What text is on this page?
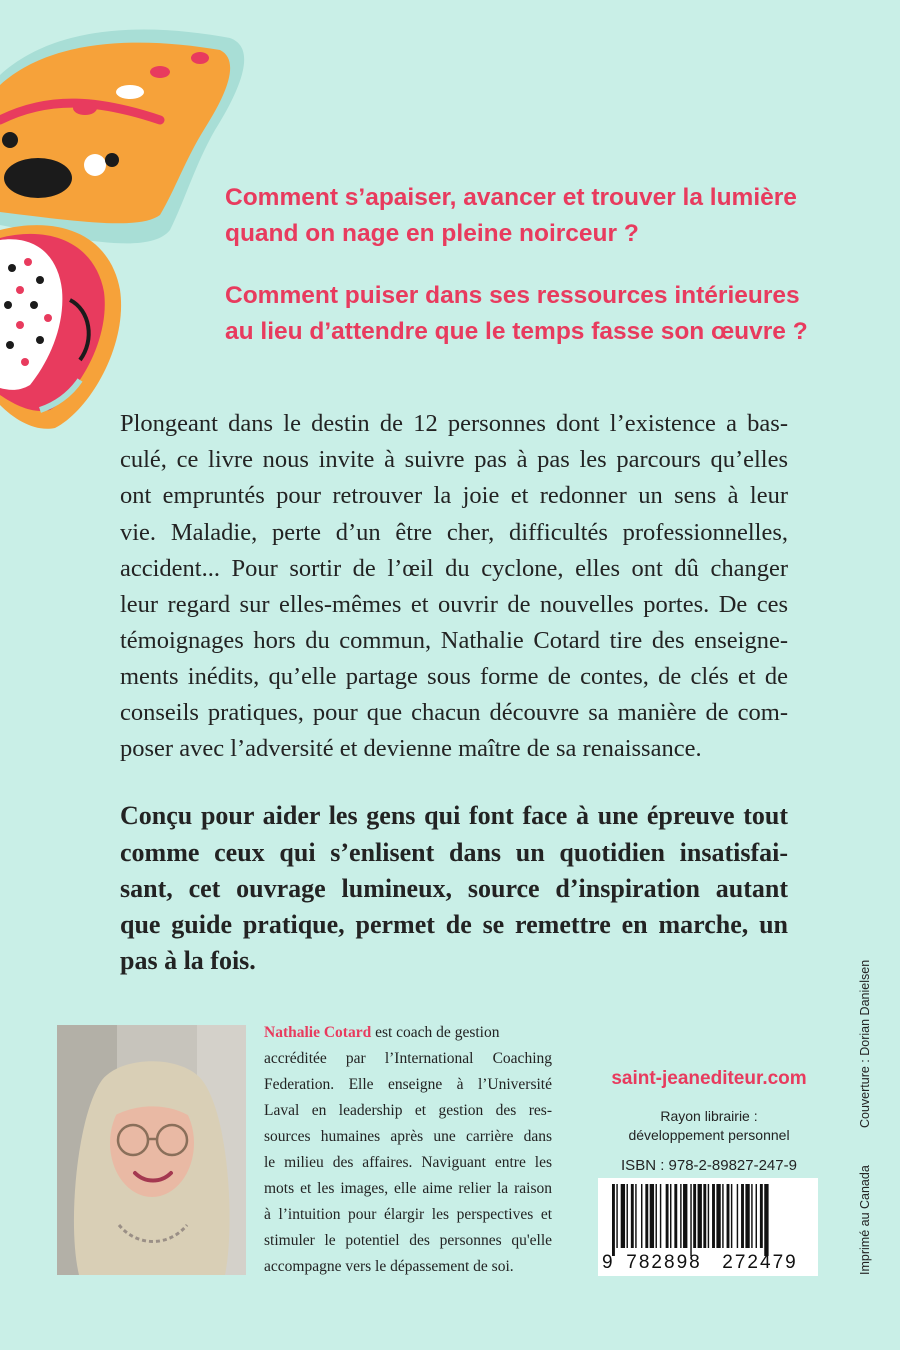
Comment s’apaiser, avancer et trouver la lumière
quand on nage en pleine noirceur ?
Comment puiser dans ses ressources intérieures
au lieu d’attendre que le temps fasse son œuvre ?
Plongeant dans le destin de 12 personnes dont l’existence a bas-
culé, ce livre nous invite à suivre pas à pas les parcours qu’elles
ont empruntés pour retrouver la joie et redonner un sens à leur
vie. Maladie, perte d’un être cher, difficultés professionnelles,
accident... Pour sortir de l’œil du cyclone, elles ont dû changer
leur regard sur elles-mêmes et ouvrir de nouvelles portes. De ces
témoignages hors du commun, Nathalie Cotard tire des enseigne-
ments inédits, qu’elle partage sous forme de contes, de clés et de
conseils pratiques, pour que chacun découvre sa manière de com-
poser avec l’adversité et devienne maître de sa renaissance.
Conçu pour aider les gens qui font face à une épreuve tout
comme ceux qui s’enlisent dans un quotidien insatisfai-
sant, cet ouvrage lumineux, source d’inspiration autant
que guide pratique, permet de se remettre en marche, un
pas à la fois.
Nathalie Cotard est coach de gestion
accréditée par l’International Coaching
Federation. Elle enseigne à l’Université
Laval en leadership et gestion des res-
sources humaines après une carrière dans
le milieu des affaires. Naviguant entre les
mots et les images, elle aime relier la raison
à l’intuition pour élargir les perspectives et
stimuler le potentiel des personnes qu'elle
accompagne vers le dépassement de soi.
saint-jeanediteur.com
Rayon librairie :
développement personnel
ISBN : 978-2-89827-247-9
9 782898	272479
Couverture : Dorian Danielsen
Imprimé au Canada
